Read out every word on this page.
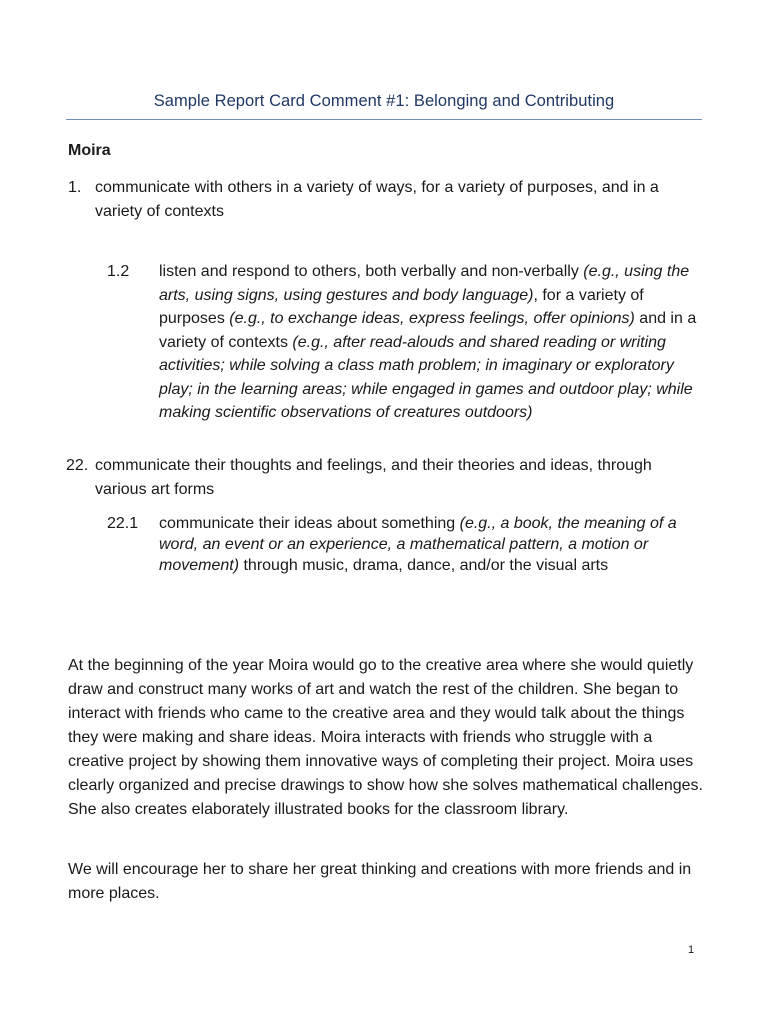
Sample Report Card Comment #1: Belonging and Contributing
Moira
1. communicate with others in a variety of ways, for a variety of purposes, and in a variety of contexts
1.2	listen and respond to others, both verbally and non-verbally (e.g., using the arts, using signs, using gestures and body language), for a variety of purposes (e.g., to exchange ideas, express feelings, offer opinions) and in a variety of contexts (e.g., after read-alouds and shared reading or writing activities; while solving a class math problem; in imaginary or exploratory play; in the learning areas; while engaged in games and outdoor play; while making scientific observations of creatures outdoors)
22. communicate their thoughts and feelings, and their theories and ideas, through various art forms
22.1	communicate their ideas about something (e.g., a book, the meaning of a word, an event or an experience, a mathematical pattern, a motion or movement) through music, drama, dance, and/or the visual arts

At the beginning of the year Moira would go to the creative area where she would quietly draw and construct many works of art and watch the rest of the children. She began to interact with friends who came to the creative area and they would talk about the things they were making and share ideas. Moira interacts with friends who struggle with a creative project by showing them innovative ways of completing their project. Moira uses clearly organized and precise drawings to show how she solves mathematical challenges. She also creates elaborately illustrated books for the classroom library.

We will encourage her to share her great thinking and creations with more friends and in more places.

1
